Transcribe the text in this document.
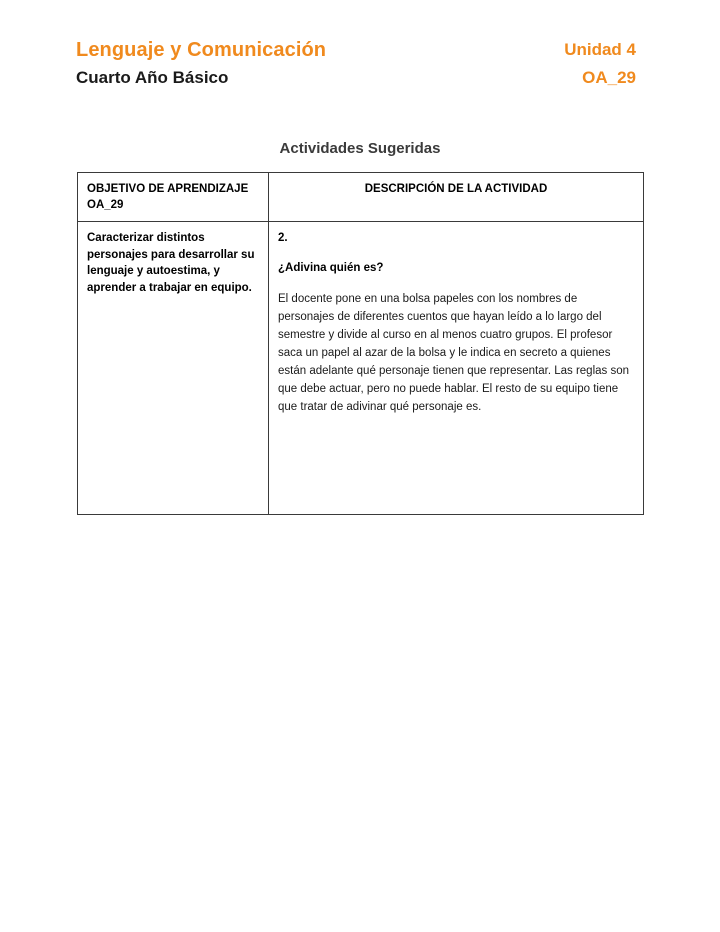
Lenguaje y Comunicación
Cuarto Año Básico
Unidad 4
OA_29
Actividades Sugeridas
OBJETIVO DE APRENDIZAJE OA_29	DESCRIPCIÓN DE LA ACTIVIDAD

Caracterizar distintos personajes para desarrollar su lenguaje y autoestima, y aprender a trabajar en equipo.	2.

¿Adivina quién es?

El docente pone en una bolsa papeles con los nombres de personajes de diferentes cuentos que hayan leído a lo largo del semestre y divide al curso en al menos cuatro grupos. El profesor saca un papel al azar de la bolsa y le indica en secreto a quienes están adelante qué personaje tienen que representar. Las reglas son que debe actuar, pero no puede hablar. El resto de su equipo tiene que tratar de adivinar qué personaje es.
